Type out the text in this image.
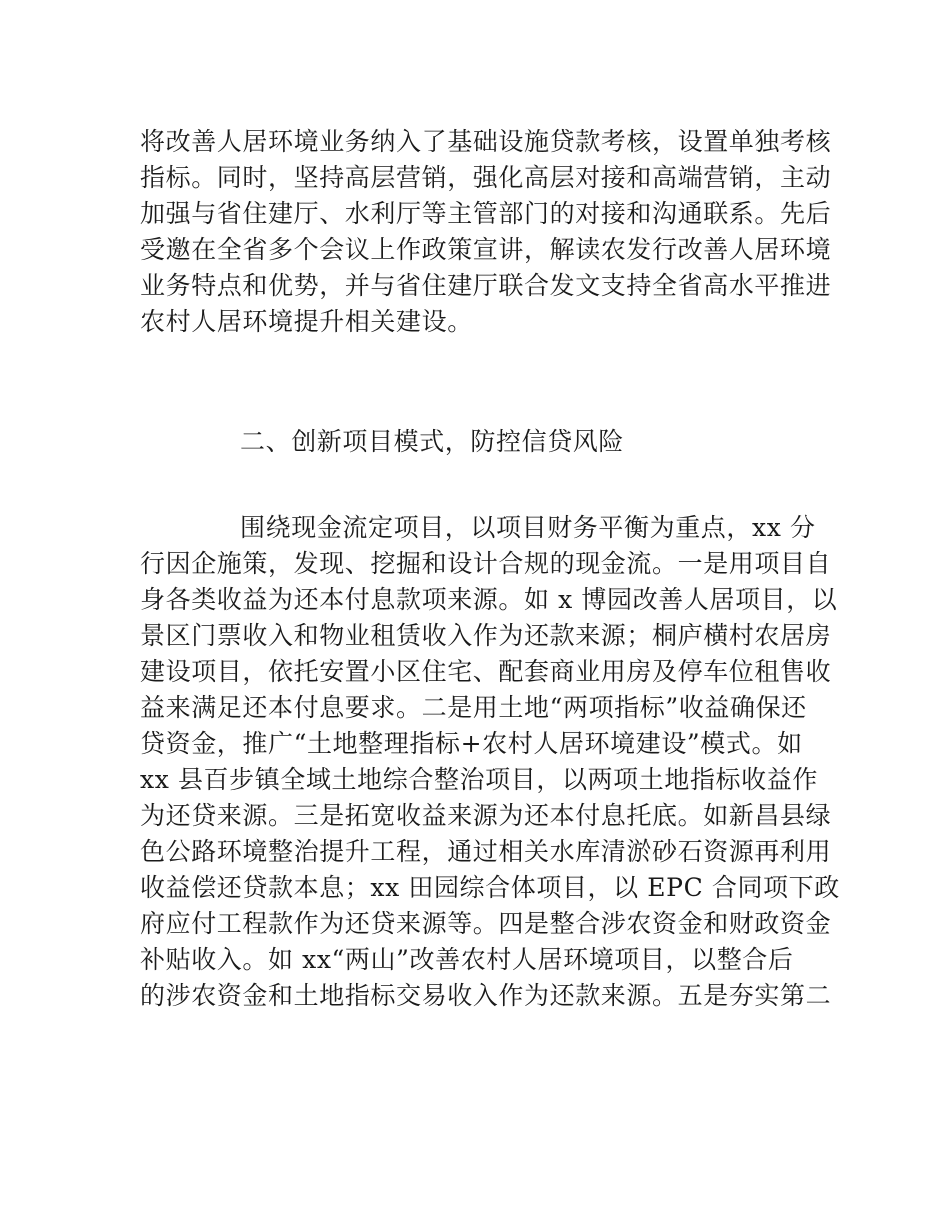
将改善人居环境业务纳入了基础设施贷款考核，设置单独考核
指标。同时，坚持高层营销，强化高层对接和高端营销，主动
加强与省住建厅、水利厅等主管部门的对接和沟通联系。先后
受邀在全省多个会议上作政策宣讲，解读农发行改善人居环境
业务特点和优势，并与省住建厅联合发文支持全省高水平推进
农村人居环境提升相关建设。
二、创新项目模式，防控信贷风险
围绕现金流定项目，以项目财务平衡为重点，xx 分
行因企施策，发现、挖掘和设计合规的现金流。一是用项目自
身各类收益为还本付息款项来源。如 x 博园改善人居项目，以
景区门票收入和物业租赁收入作为还款来源；桐庐横村农居房
建设项目，依托安置小区住宅、配套商业用房及停车位租售收
益来满足还本付息要求。二是用土地“两项指标”收益确保还
贷资金，推广“土地整理指标+农村人居环境建设”模式。如
xx 县百步镇全域土地综合整治项目，以两项土地指标收益作
为还贷来源。三是拓宽收益来源为还本付息托底。如新昌县绿
色公路环境整治提升工程，通过相关水库清淤砂石资源再利用
收益偿还贷款本息；xx 田园综合体项目，以 EPC 合同项下政
府应付工程款作为还贷来源等。四是整合涉农资金和财政资金
补贴收入。如 xx“两山”改善农村人居环境项目，以整合后
的涉农资金和土地指标交易收入作为还款来源。五是夯实第二
